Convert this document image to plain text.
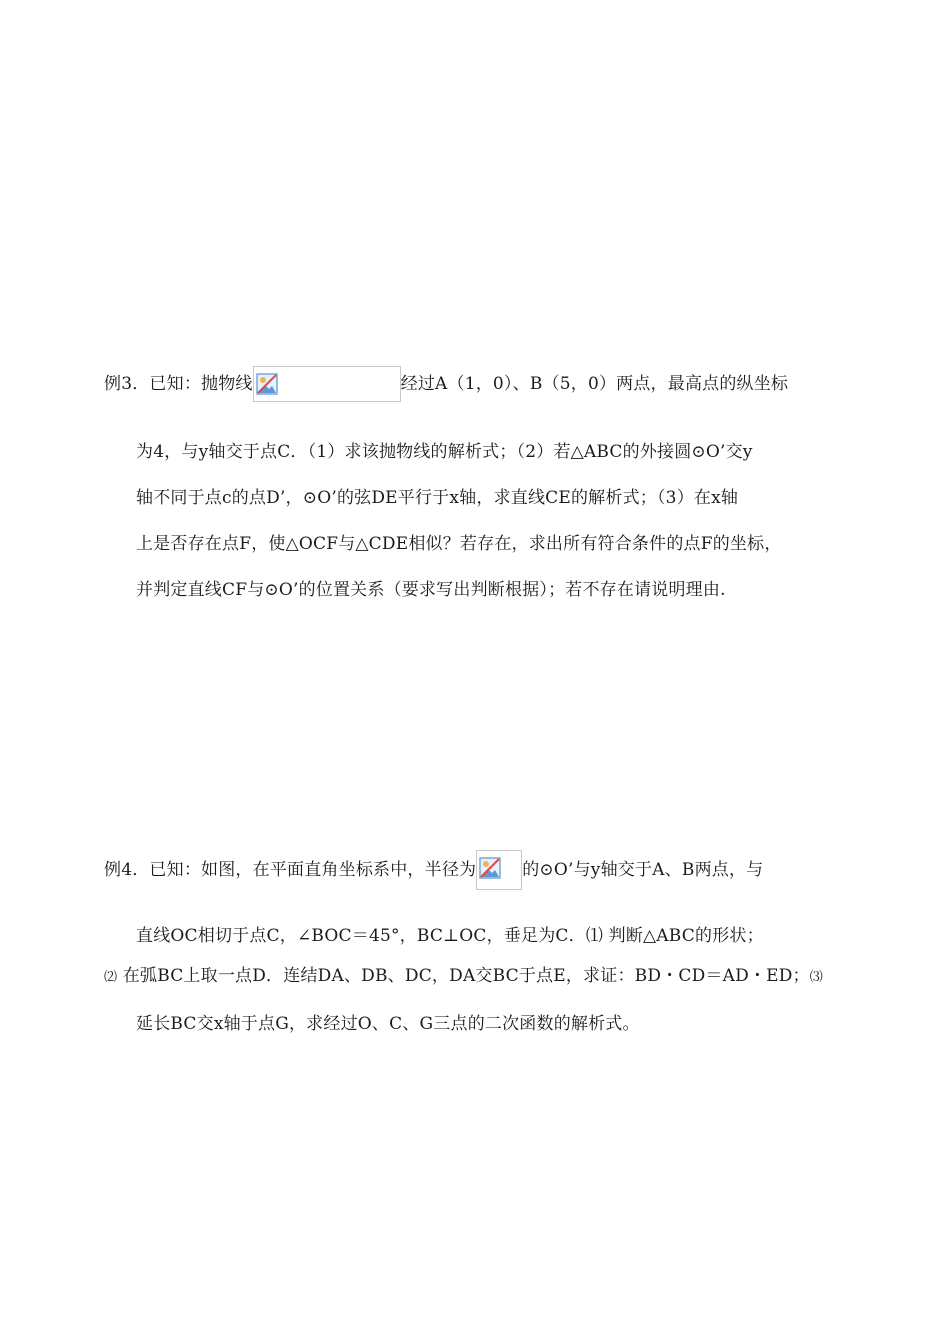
例3．已知：抛物线	经过A（1，0）、B（5，0）两点，最高点的纵坐标
为4，与y轴交于点C．（1）求该抛物线的解析式；（2）若△ABC的外接圆⊙O’交y
轴不同于点c的点D’，⊙O’的弦DE平行于x轴，求直线CE的解析式；（3）在x轴
上是否存在点F，使△OCF与△CDE相似？若存在，求出所有符合条件的点F的坐标，
并判定直线CF与⊙O’的位置关系（要求写出判断根据）；若不存在请说明理由.
例4．已知：如图，在平面直角坐标系中，半径为	的⊙O’与y轴交于A、B两点，与
直线OC相切于点C，∠BOC＝45°，BC⊥OC，垂足为C．⑴ 判断△ABC的形状；
⑵ 在弧BC上取一点D．连结DA、DB、DC，DA交BC于点E，求证：BD・CD＝AD・ED；⑶
延长BC交x轴于点G，求经过O、C、G三点的二次函数的解析式。
